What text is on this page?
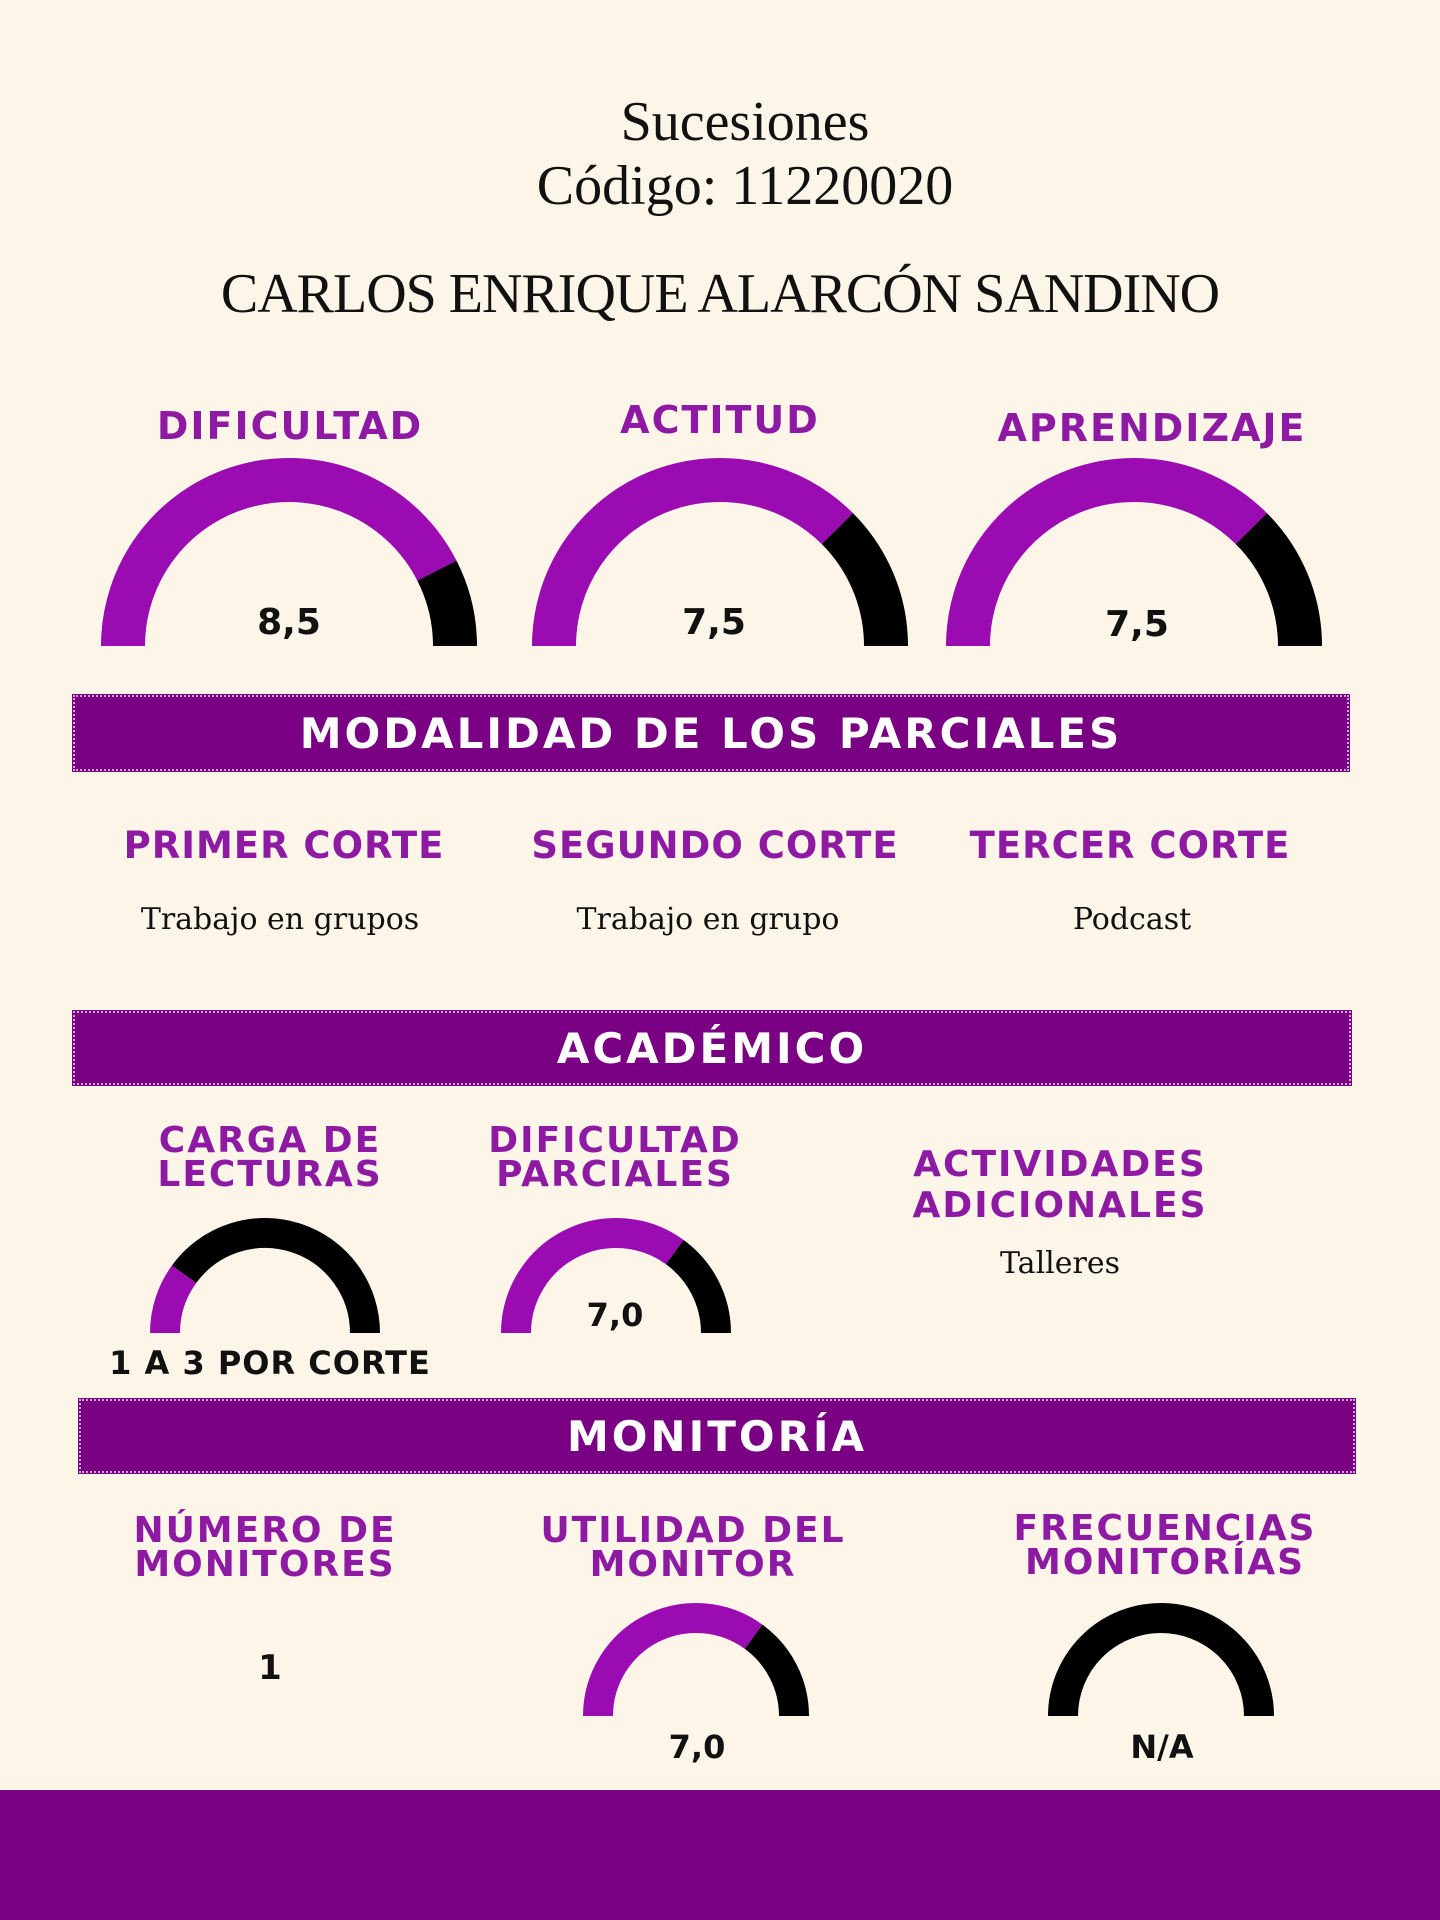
Sucesiones
Código: 11220020
CARLOS ENRIQUE ALARCÓN SANDINO
DIFICULTAD	ACTITUD	APRENDIZAJE
8,5	7,5	7,5
MODALIDAD DE LOS PARCIALES
PRIMER CORTE	SEGUNDO CORTE	TERCER CORTE
Trabajo en grupos	Trabajo en grupo	Podcast
ACADÉMICO
CARGA DE
LECTURAS
DIFICULTAD
PARCIALES	ACTIVIDADES ADICIONALES
Talleres
1 A 3 POR CORTE
7,0
MONITORÍA
NÚMERO DE
MONITORES
UTILIDAD DEL
MONITOR
FRECUENCIAS
MONITORÍAS
1
7,0	N/A
